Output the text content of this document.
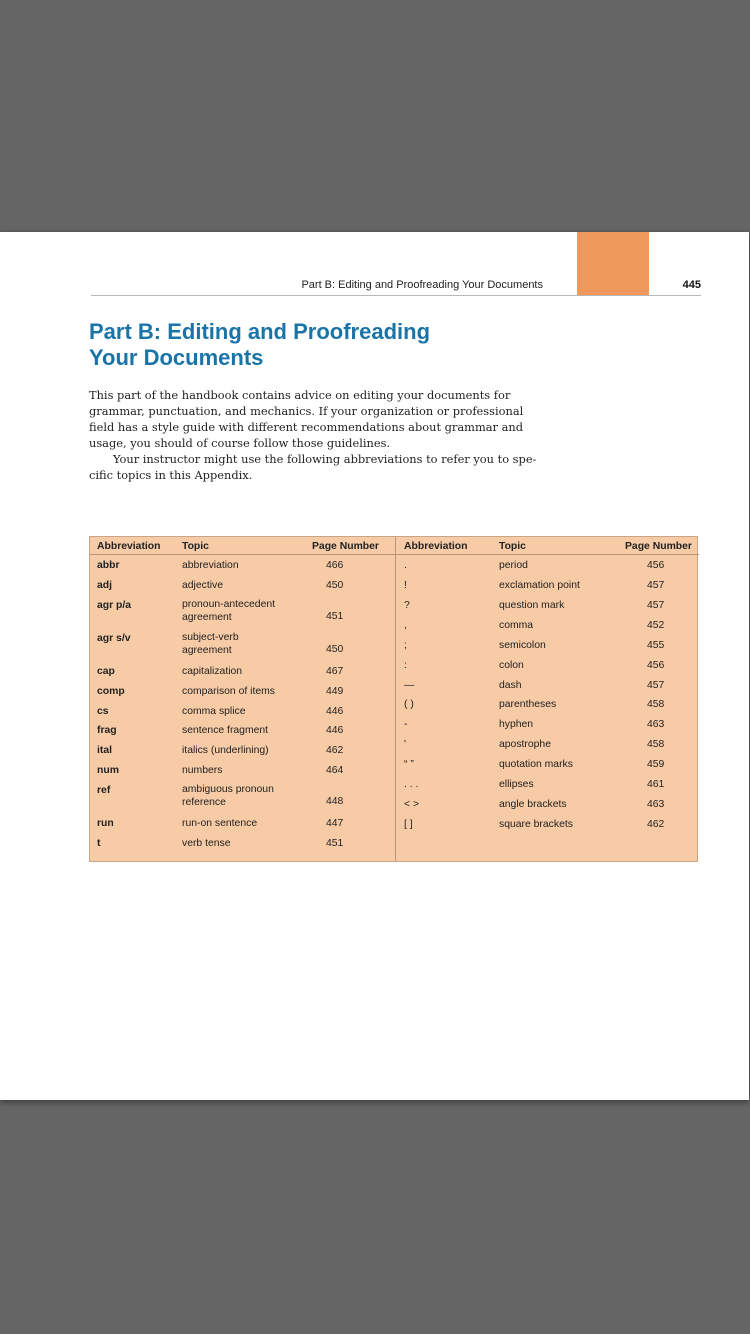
Part B: Editing and Proofreading Your Documents	445
Part B: Editing and Proofreading
Your Documents

This part of the handbook contains advice on editing your documents for grammar, punctuation, and mechanics. If your organization or professional field has a style guide with different recommendations about grammar and usage, you should of course follow those guidelines.

Your instructor might use the following abbreviations to refer you to spe- cific topics in this Appendix.

Abbreviation Topic	Page Number
abbr	abbreviation	466
adj	adjective	450
agr p/a	pronoun-antecedent agreement	451
agr s/v	subject-verb agreement	450
cap	capitalization	467
comp	comparison of items	449
cs	comma splice	446
frag	sentence fragment	446
ital	italics (underlining)	462
num	numbers	464
ref	ambiguous pronoun reference	448
run	run-on sentence	447
t	verb tense	451
Abbreviation	Topic	Page Number
.	period	456
!	exclamation point	457
?	question mark	457
,	comma	452
;	semicolon	455
:	colon	456
—	dash	457
( )	parentheses	458
-	hyphen	463
'	apostrophe	458
“ ”	quotation marks	459
. . .	ellipses	461
< >	angle brackets	463
[ ]	square brackets	462
